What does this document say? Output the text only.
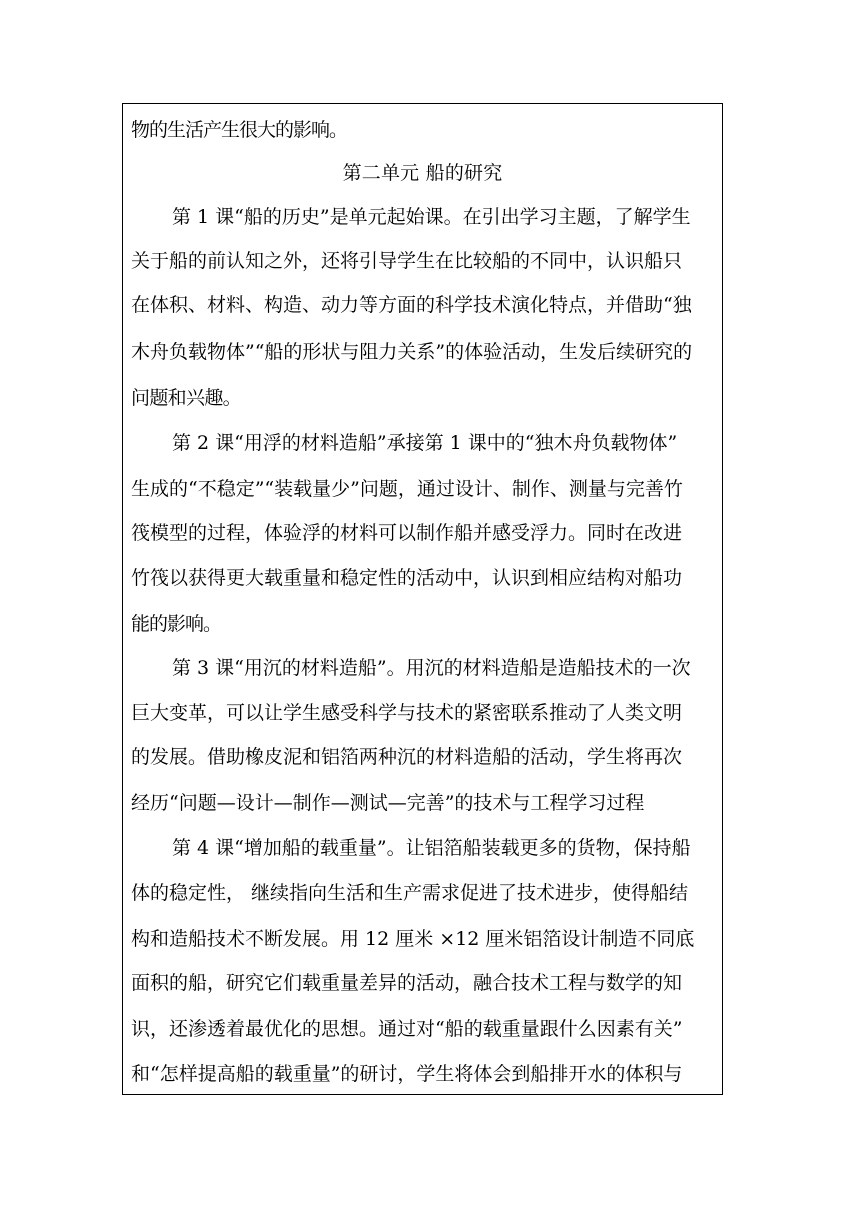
物的生活产生很大的影响。
第二单元 船的研究
第 1 课“船的历史”是单元起始课。在引出学习主题，了解学生
关于船的前认知之外，还将引导学生在比较船的不同中，认识船只
在体积、材料、构造、动力等方面的科学技术演化特点，并借助“独
木舟负载物体”“船的形状与阻力关系”的体验活动，生发后续研究的
问题和兴趣。
第 2 课“用浮的材料造船”承接第 1 课中的“独木舟负载物体”
生成的“不稳定”“装载量少”问题，通过设计、制作、测量与完善竹
筏模型的过程，体验浮的材料可以制作船并感受浮力。同时在改进
竹筏以获得更大载重量和稳定性的活动中，认识到相应结构对船功
能的影响。
第 3 课“用沉的材料造船”。用沉的材料造船是造船技术的一次
巨大变革，可以让学生感受科学与技术的紧密联系推动了人类文明
的发展。借助橡皮泥和铝箔两种沉的材料造船的活动，学生将再次
经历“问题—设计—制作—测试—完善”的技术与工程学习过程
第 4 课“增加船的载重量”。让铝箔船装载更多的货物，保持船
体的稳定性， 继续指向生活和生产需求促进了技术进步，使得船结
构和造船技术不断发展。用 12 厘米 ×12 厘米铝箔设计制造不同底
面积的船，研究它们载重量差异的活动，融合技术工程与数学的知
识，还渗透着最优化的思想。通过对“船的载重量跟什么因素有关”
和“怎样提高船的载重量”的研讨，学生将体会到船排开水的体积与
